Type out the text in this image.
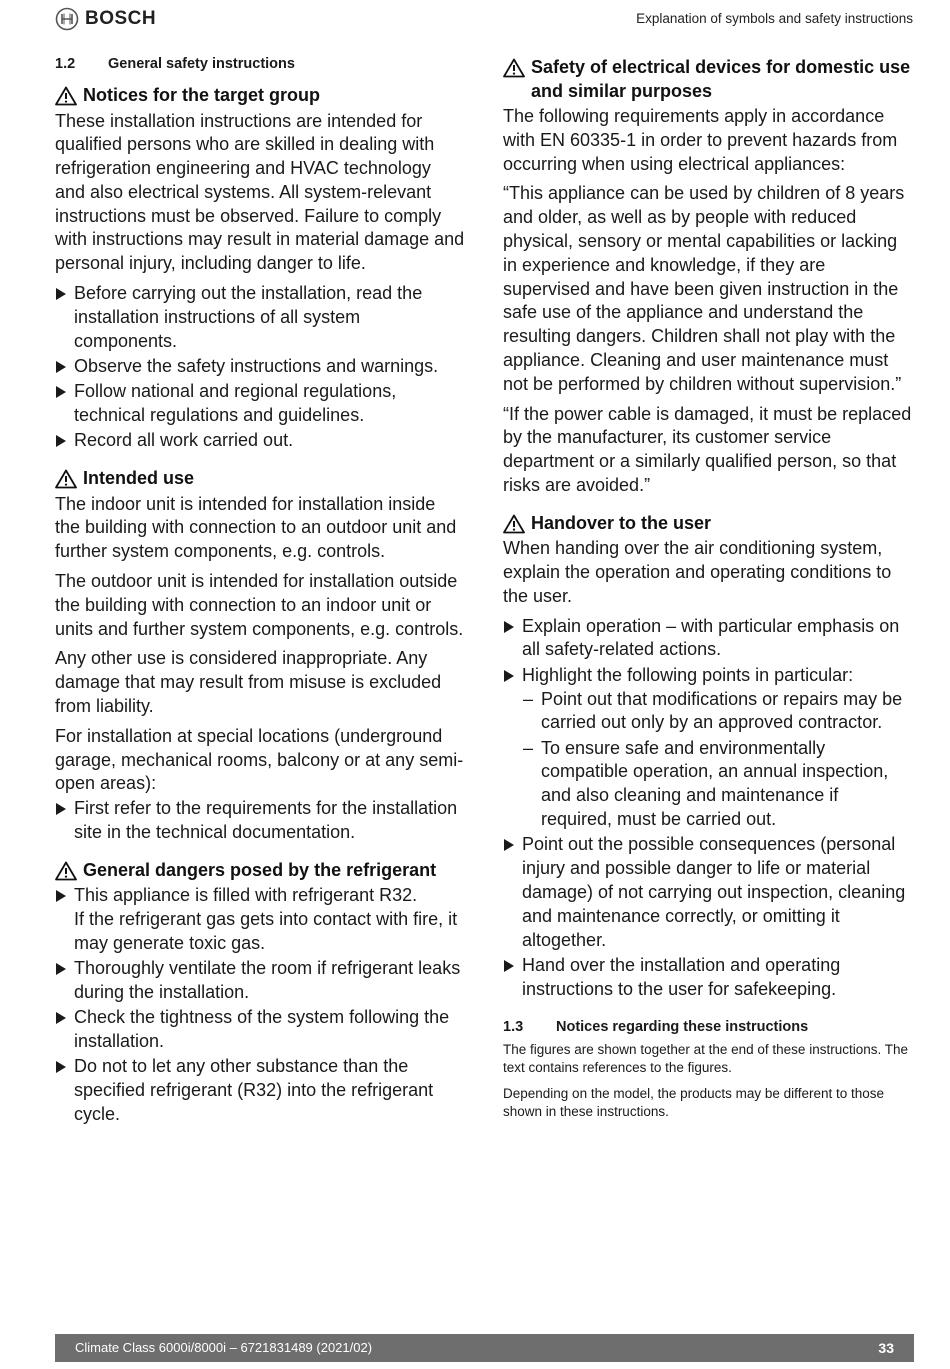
BOSCH	Explanation of symbols and safety instructions
1.2	General safety instructions
Notices for the target group

These installation instructions are intended for qualified persons who are skilled in dealing with refrigeration engineering and HVAC technology and also electrical systems. All system-relevant instructions must be observed. Failure to comply with instructions may result in material damage and personal injury, including danger to life.

Before carrying out the installation, read the installation instructions of all system components.
Observe the safety instructions and warnings.
Follow national and regional regulations, technical regulations and guidelines.
Record all work carried out.
Intended use

The indoor unit is intended for installation inside the building with connection to an outdoor unit and further system components, e.g. controls.

The outdoor unit is intended for installation outside the building with connection to an indoor unit or units and further system components, e.g. controls.

Any other use is considered inappropriate. Any damage that may result from misuse is excluded from liability.

For installation at special locations (underground garage, mechanical rooms, balcony or at any semi-open areas):

First refer to the requirements for the installation site in the technical documentation.
General dangers posed by the refrigerant
This appliance is filled with refrigerant R32.
If the refrigerant gas gets into contact with fire, it may generate toxic gas.
Thoroughly ventilate the room if refrigerant leaks during the installation.
Check the tightness of the system following the installation.
Do not to let any other substance than the specified refrigerant (R32) into the refrigerant cycle.
Safety of electrical devices for domestic use and similar purposes

The following requirements apply in accordance with EN 60335-1 in order to prevent hazards from occurring when using electrical appliances:

“This appliance can be used by children of 8 years and older, as well as by people with reduced physical, sensory or mental capabilities or lacking in experience and knowledge, if they are supervised and have been given instruction in the safe use of the appliance and understand the resulting dangers. Children shall not play with the appliance. Cleaning and user maintenance must not be performed by children without supervision.”

“If the power cable is damaged, it must be replaced by the manufacturer, its customer service department or a similarly qualified person, so that risks are avoided.”

Handover to the user

When handing over the air conditioning system, explain the operation and operating conditions to the user.

Explain operation – with particular emphasis on all safety-related actions.
Highlight the following points in particular:
– Point out that modifications or repairs may be carried out only by an approved contractor.
– To ensure safe and environmentally compatible operation, an annual inspection, and also cleaning and maintenance if required, must be carried out.
Point out the possible consequences (personal injury and possible danger to life or material damage) of not carrying out inspection, cleaning and maintenance correctly, or omitting it altogether.
Hand over the installation and operating instructions to the user for safekeeping.
1.3	Notices regarding these instructions

The figures are shown together at the end of these instructions. The text contains references to the figures.

Depending on the model, the products may be different to those shown in these instructions.

Climate Class 6000i/8000i – 6721831489 (2021/02)	33
